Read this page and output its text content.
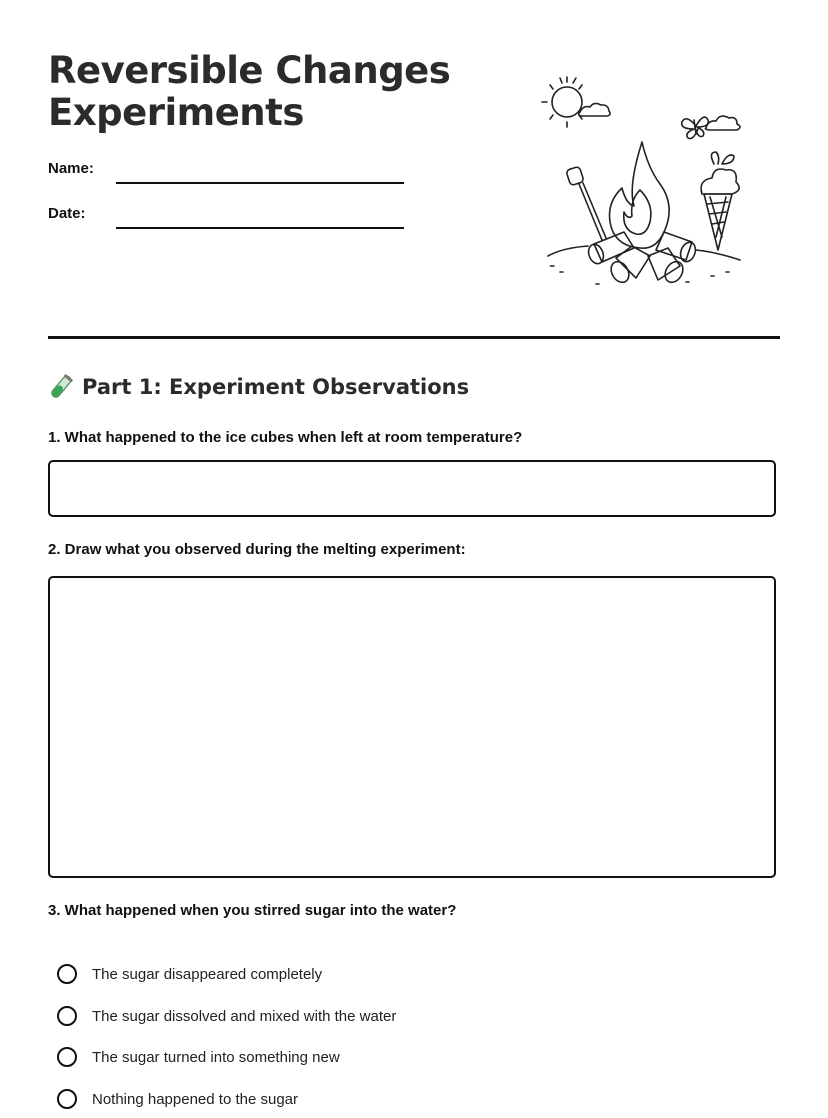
Reversible Changes
Experiments
Name:
Date:
Part 1: Experiment Observations
1. What happened to the ice cubes when left at room temperature?
2. Draw what you observed during the melting experiment:
3. What happened when you stirred sugar into the water?
The sugar disappeared completely
The sugar dissolved and mixed with the water
The sugar turned into something new
Nothing happened to the sugar
